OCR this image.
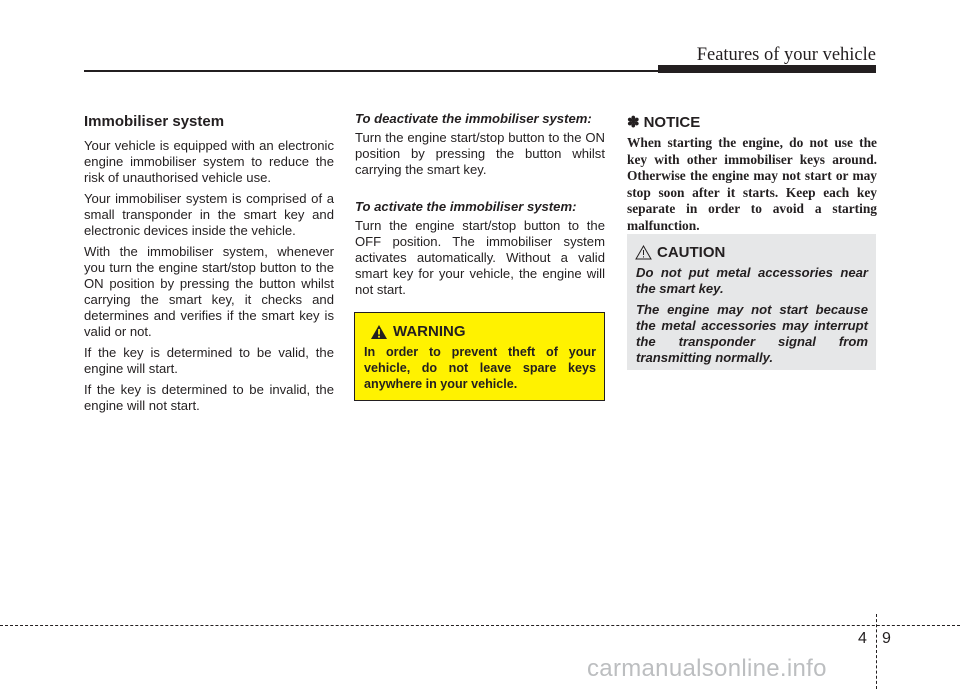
Features of your vehicle
Immobiliser system

Your vehicle is equipped with an electronic engine immobiliser system to reduce the risk of unauthorised vehicle use.

Your immobiliser system is comprised of a small transponder in the smart key and electronic devices inside the vehicle.

With the immobiliser system, whenever you turn the engine start/stop button to the ON position by pressing the button whilst carrying the smart key, it checks and determines and verifies if the smart key is valid or not.

If the key is determined to be valid, the engine will start.

If the key is determined to be invalid, the engine will not start.

To deactivate the immobiliser system:

Turn the engine start/stop button to the ON position by pressing the button whilst carrying the smart key.

To activate the immobiliser system:

Turn the engine start/stop button to the OFF position. The immobiliser system activates automatically. Without a valid smart key for your vehicle, the engine will not start.

WARNING
In order to prevent theft of your vehicle, do not leave spare keys anywhere in your vehicle.
✽ NOTICE

When starting the engine, do not use the key with other immobiliser keys around. Otherwise the engine may not start or may stop soon after it starts. Keep each key separate in order to avoid a starting malfunction.

CAUTION

Do not put metal accessories near the smart key.

The engine may not start because the metal accessories may interrupt the transponder signal from transmitting normally.

4 9
carmanualsonline.info
